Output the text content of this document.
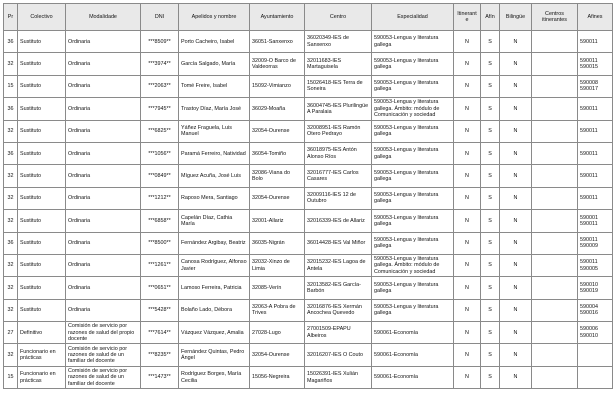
Pr	Colectivo	Modalidade	DNI	Apelidos y nombre	Ayuntamiento	Centro	Especialidad	Itinerante	Afín	Bilingüe	Centros itinerantes	Afines
36	Sustituto	Ordinaria	***8509**	Porto Cacheiro, Isabel	36051-Sanxenxo	36020349-IES de Sanxenxo	590053-Lengua y literatura gallega	N	S	N		590011
32	Sustituto	Ordinaria	***3974**	García Salgado, María	32009-O Barco de Valdeorras	32011683-IES Martaguisela	590053-Lengua y literatura gallega	N	S	N		590011 590015
15	Sustituto	Ordinaria	***2063**	Tomé Freire, Isabel	15092-Vimianzo	15026418-IES Terra de Soneira	590053-Lengua y literatura gallega	N	S	N		590008 590017
36	Sustituto	Ordinaria	***7945**	Trastoy Díaz, María José	36029-Moaña	36004745-IES Plurilingüe A Paralaia	590053-Lengua y literatura gallega. Ámbito: módulo de Comunicación y sociedad	N	S	N		590011
32	Sustituto	Ordinaria	***6825**	Yáñez Fraguela, Luis Manuel	32054-Ourense	32008951-IES Ramón Otero Pedrayo	590053-Lengua y literatura gallega	N	S	N		590011
36	Sustituto	Ordinaria	***1056**	Paramá Ferreiro, Natividad	36054-Tomiño	36018975-IES Antón Alonso Ríos	590053-Lengua y literatura gallega	N	S	N		590011
32	Sustituto	Ordinaria	***0849**	Míguez Acuña, José Luis	32086-Viana do Bolo	32016777-IES Carlos Casares	590053-Lengua y literatura gallega	N	S	N		590011
32	Sustituto	Ordinaria	***1212**	Raposo Mera, Santiago	32054-Ourense	32009116-IES 12 de Outubro	590053-Lengua y literatura gallega	N	S	N		590011
32	Sustituto	Ordinaria	***6858**	Capelán Díaz, Cathia María	32001-Allariz	32016339-IES de Allariz	590053-Lengua y literatura gallega	N	S	N		590001 590011
36	Sustituto	Ordinaria	***8500**	Fernández Argibay, Beatriz	36035-Nigrán	36014428-IES Val Miñor	590053-Lengua y literatura gallega	N	S	N		590011 590009
32	Sustituto	Ordinaria	***1261**	Canosa Rodríguez, Alfonso Javier	32032-Xinzo de Limia	32015232-IES Lagoa de Antela	590053-Lengua y literatura gallega. Ámbito: módulo de Comunicación y sociedad	N	S	N		590011 590005
32	Sustituto	Ordinaria	***0651**	Lamoso Ferreira, Patricia	32085-Verín	32013582-IES García-Barbón	590053-Lengua y literatura gallega	N	S	N		590010 590019
32	Sustituto	Ordinaria	***5428**	Bolaño Lado, Débora	32063-A Pobra de Trives	32016876-IES Xermán Ancochea Quevedo	590053-Lengua y literatura gallega	N	S	N		590004 590016
27	Definitivo	Comisión de servicio por razones de salud del propio docente	***7614**	Vázquez Vázquez, Amalia	27028-Lugo	27001509-EPAPU Albeiros	590061-Economía	N	S	N		590006 590010
32	Funcionario en prácticas	Comisión de servicio por razones de salud de un familiar del docente	***8235**	Fernández Quintas, Pedro Ángel	32054-Ourense	32016207-IES O Couto	590061-Economía	N	S	N		
15	Funcionario en prácticas	Comisión de servicio por razones de salud de un familiar del docente	***1473**	Rodríguez Borges, María Cecilia	15056-Negreira	15026391-IES Xulián Magariños	590061-Economía	N	S	N		
